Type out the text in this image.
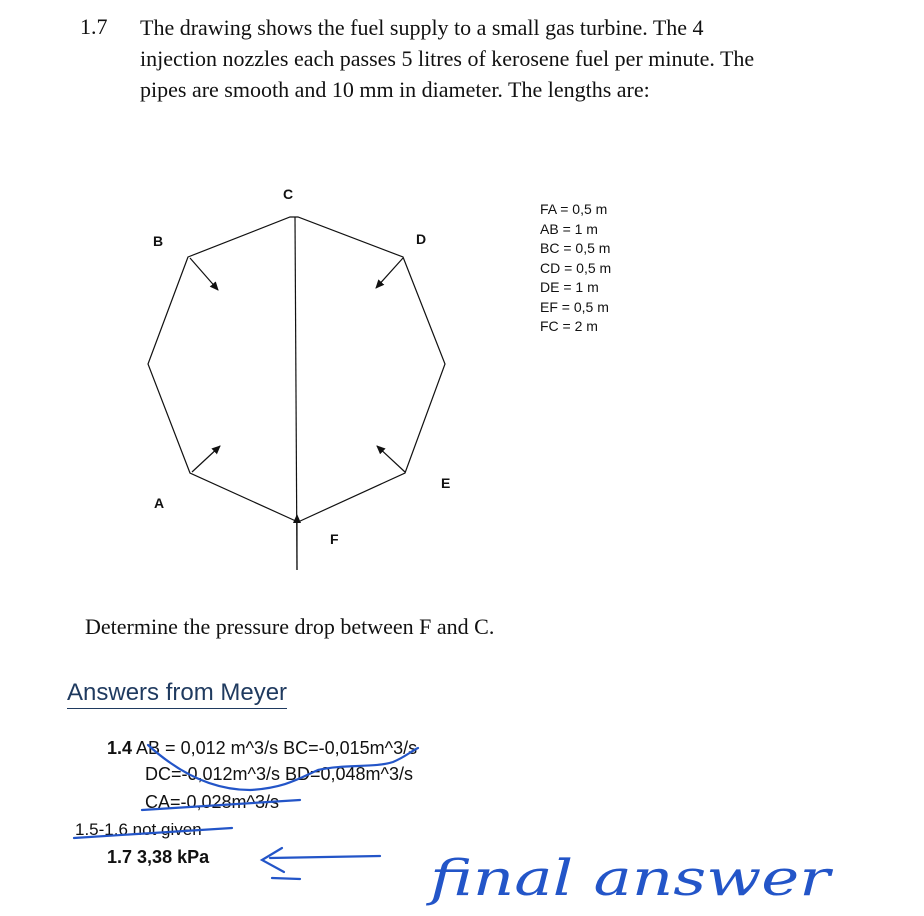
1.7 The drawing shows the fuel supply to a small gas turbine. The 4
injection nozzles each passes 5 litres of kerosene fuel per minute. The
pipes are smooth and 10 mm in diameter. The lengths are:
C
B	D
E
A
F
FA = 0,5 m
AB = 1 m
BC = 0,5 m
CD = 0,5 m
DE = 1 m
EF = 0,5 m
FC = 2 m
Determine the pressure drop between F and C.
Answers from Meyer
1.4 AB = 0,012 m^3/s BC=-0,015m^3/s
DC=-0,012m^3/s BD=0,048m^3/s
CA=-0,028m^3/s
1.5-1.6 not given
1.7 3,38 kPa	final answer
